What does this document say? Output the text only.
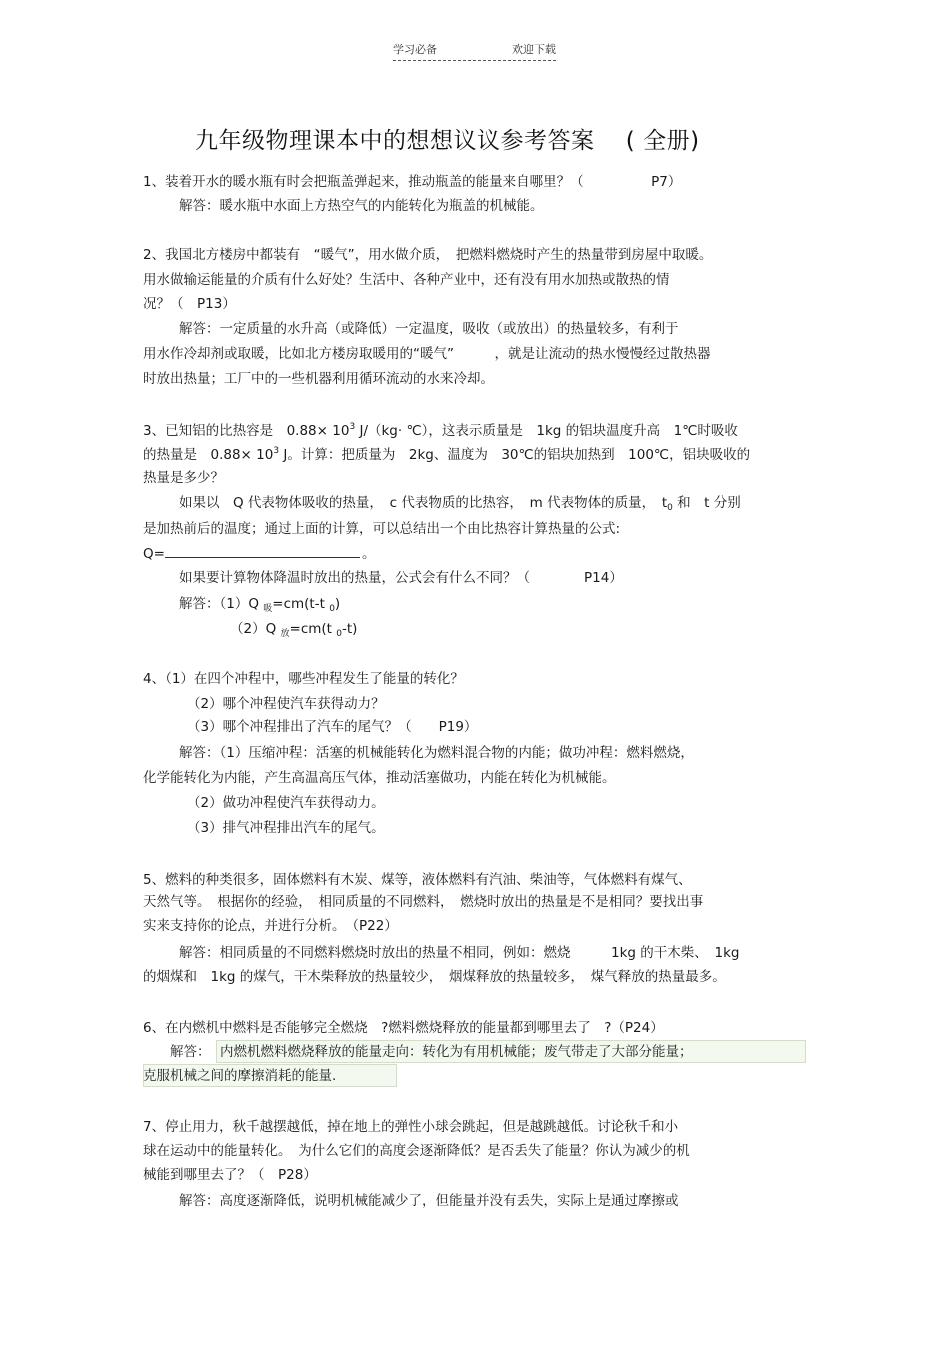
学习必备	欢迎下载
九年级物理课本中的想想议议参考答案　 ( 全册)
1、装着开水的暖水瓶有时会把瓶盖弹起来，推动瓶盖的能量来自哪里？（　　　　　P7）
解答：暖水瓶中水面上方热空气的内能转化为瓶盖的机械能。
2、我国北方楼房中都装有　“暖气”，用水做介质，　把燃料燃烧时产生的热量带到房屋中取暖。
用水做输运能量的介质有什么好处？生活中、各种产业中，还有没有用水加热或散热的情
况？（　P13）
解答：一定质量的水升高（或降低）一定温度，吸收（或放出）的热量较多，有利于
用水作冷却剂或取暖，比如北方楼房取暖用的“暖气”　　　，就是让流动的热水慢慢经过散热器
时放出热量；工厂中的一些机器利用循环流动的水来冷却。
3、已知铝的比热容是　$0.88\times 10^3$ J/（kg· ℃），这表示质量是　1kg 的铝块温度升高　1℃时吸收
的热量是　$0.88\times 10^3$ J。计算：把质量为　2kg、温度为　30℃的铝块加热到　100℃，铝块吸收的
热量是多少？
如果以　Q 代表物体吸收的热量，　c 代表物质的比热容，　m 代表物体的质量，　$t_0$ 和　t 分别
是加热前后的温度；通过上面的计算，可以总结出一个由比热容计算热量的公式:
Q=	。
如果要计算物体降温时放出的热量，公式会有什么不同？（　　　　P14）
解答：（1）Q $_吸$=cm(t-t $_0$)
（2）Q $_放$=cm(t $_0$-t)
4、（1）在四个冲程中，哪些冲程发生了能量的转化？
（2）哪个冲程使汽车获得动力？
（3）哪个冲程排出了汽车的尾气？（　　P19）
解答：（1）压缩冲程：活塞的机械能转化为燃料混合物的内能；做功冲程：燃料燃烧，
化学能转化为内能，产生高温高压气体，推动活塞做功，内能在转化为机械能。
（2）做功冲程使汽车获得动力。
（3）排气冲程排出汽车的尾气。
5、燃料的种类很多，固体燃料有木炭、煤等，液体燃料有汽油、柴油等，气体燃料有煤气、
天然气等。　根据你的经验，　相同质量的不同燃料，　燃烧时放出的热量是不是相同？要找出事
实来支持你的论点，并进行分析。　（P22）
解答：相同质量的不同燃料燃烧时放出的热量不相同，例如：燃烧　　　1kg 的干木柴、　1kg
的烟煤和　1kg 的煤气，干木柴释放的热量较少，　烟煤释放的热量较多，　煤气释放的热量最多。
6、在内燃机中燃料是否能够完全燃烧　?燃料燃烧释放的能量都到哪里去了　?（P24）
解答： 内燃机燃料燃烧释放的能量走向：转化为有用机械能；废气带走了大部分能量；
克服机械之间的摩擦消耗的能量.
7、停止用力，秋千越摆越低，掉在地上的弹性小球会跳起，但是越跳越低。讨论秋千和小
球在运动中的能量转化。　为什么它们的高度会逐渐降低？是否丢失了能量？你认为减少的机
械能到哪里去了？（　P28）
解答：高度逐渐降低，说明机械能减少了，但能量并没有丢失，实际上是通过摩擦或
